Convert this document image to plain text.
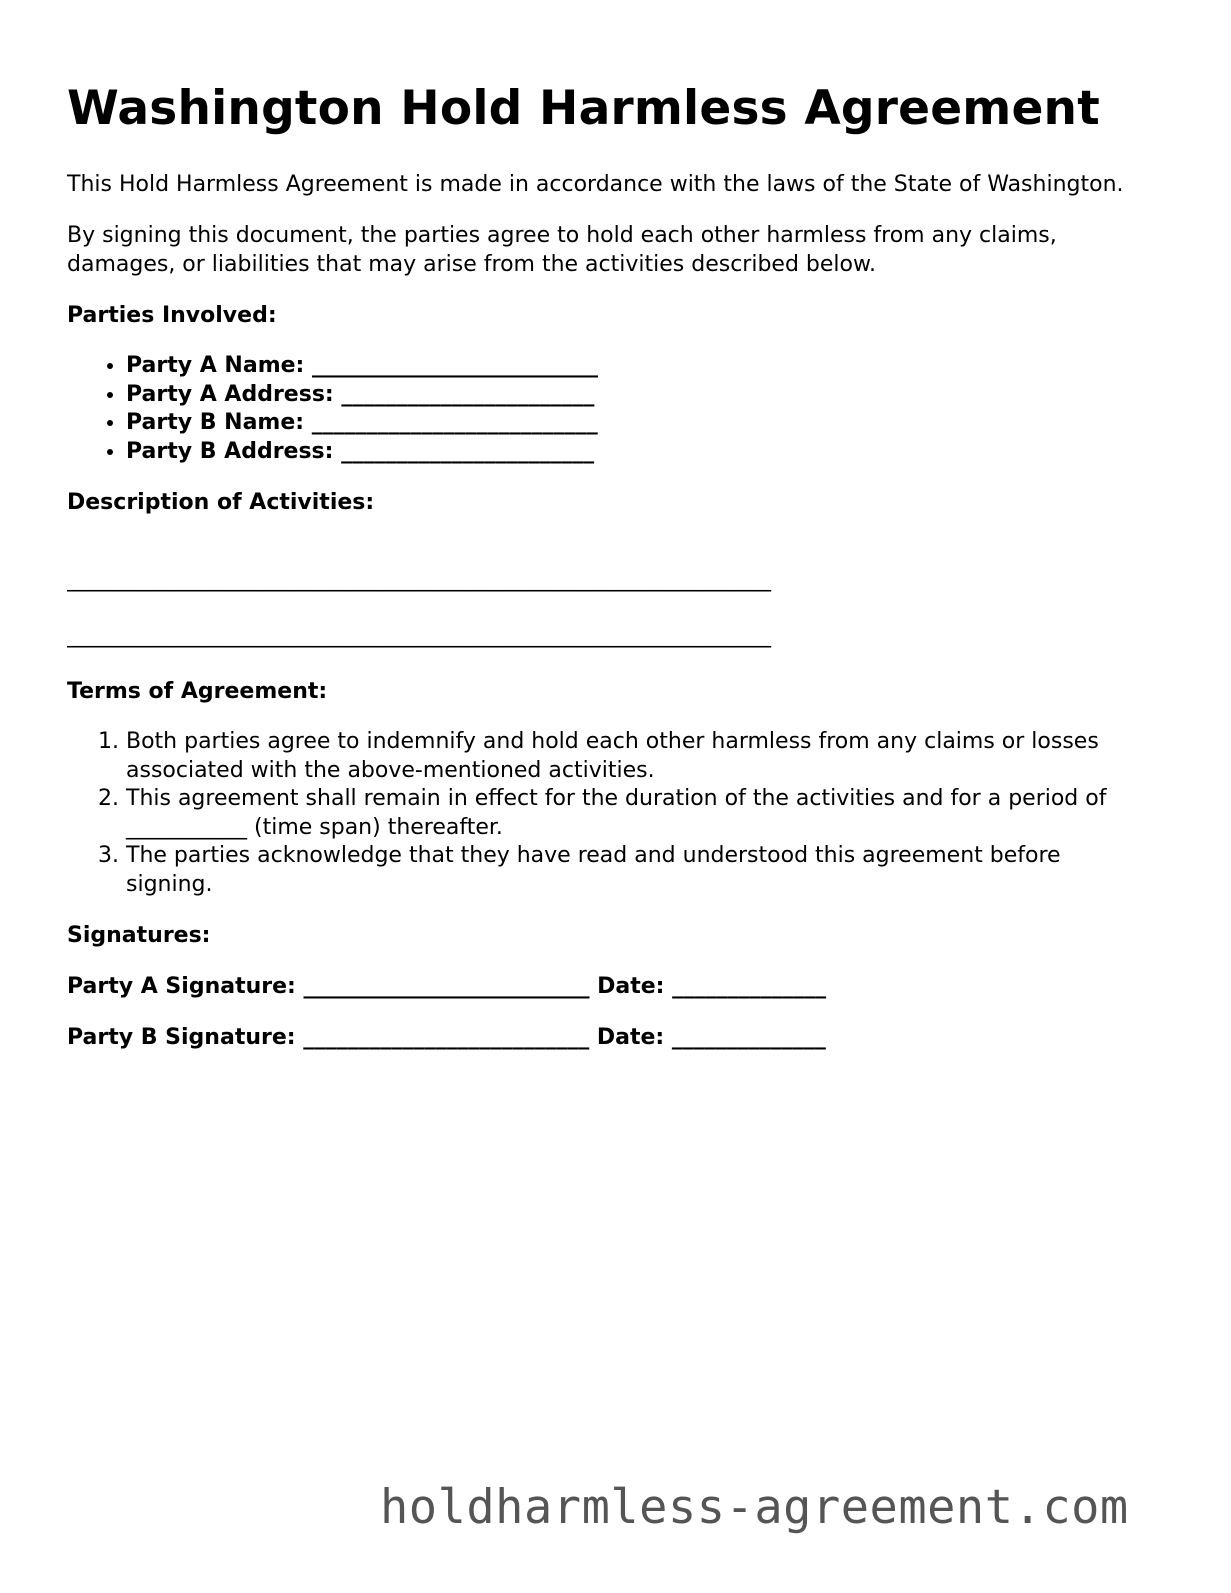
Washington Hold Harmless Agreement

This Hold Harmless Agreement is made in accordance with the laws of the State of Washington.

By signing this document, the parties agree to hold each other harmless from any claims, damages, or liabilities that may arise from the activities described below.

Parties Involved:

• Party A Name: __________________________
• Party A Address: _______________________
• Party B Name: __________________________
• Party B Address: _______________________

Description of Activities:

________________________________________________________________
________________________________________________________________

Terms of Agreement:

1. Both parties agree to indemnify and hold each other harmless from any claims or losses associated with the above-mentioned activities.
2. This agreement shall remain in effect for the duration of the activities and for a period of ___________ (time span) thereafter.
3. The parties acknowledge that they have read and understood this agreement before signing.

Signatures:

Party A Signature: __________________________ Date: ______________
Party B Signature: __________________________ Date: ______________
holdharmless-agreement.com
